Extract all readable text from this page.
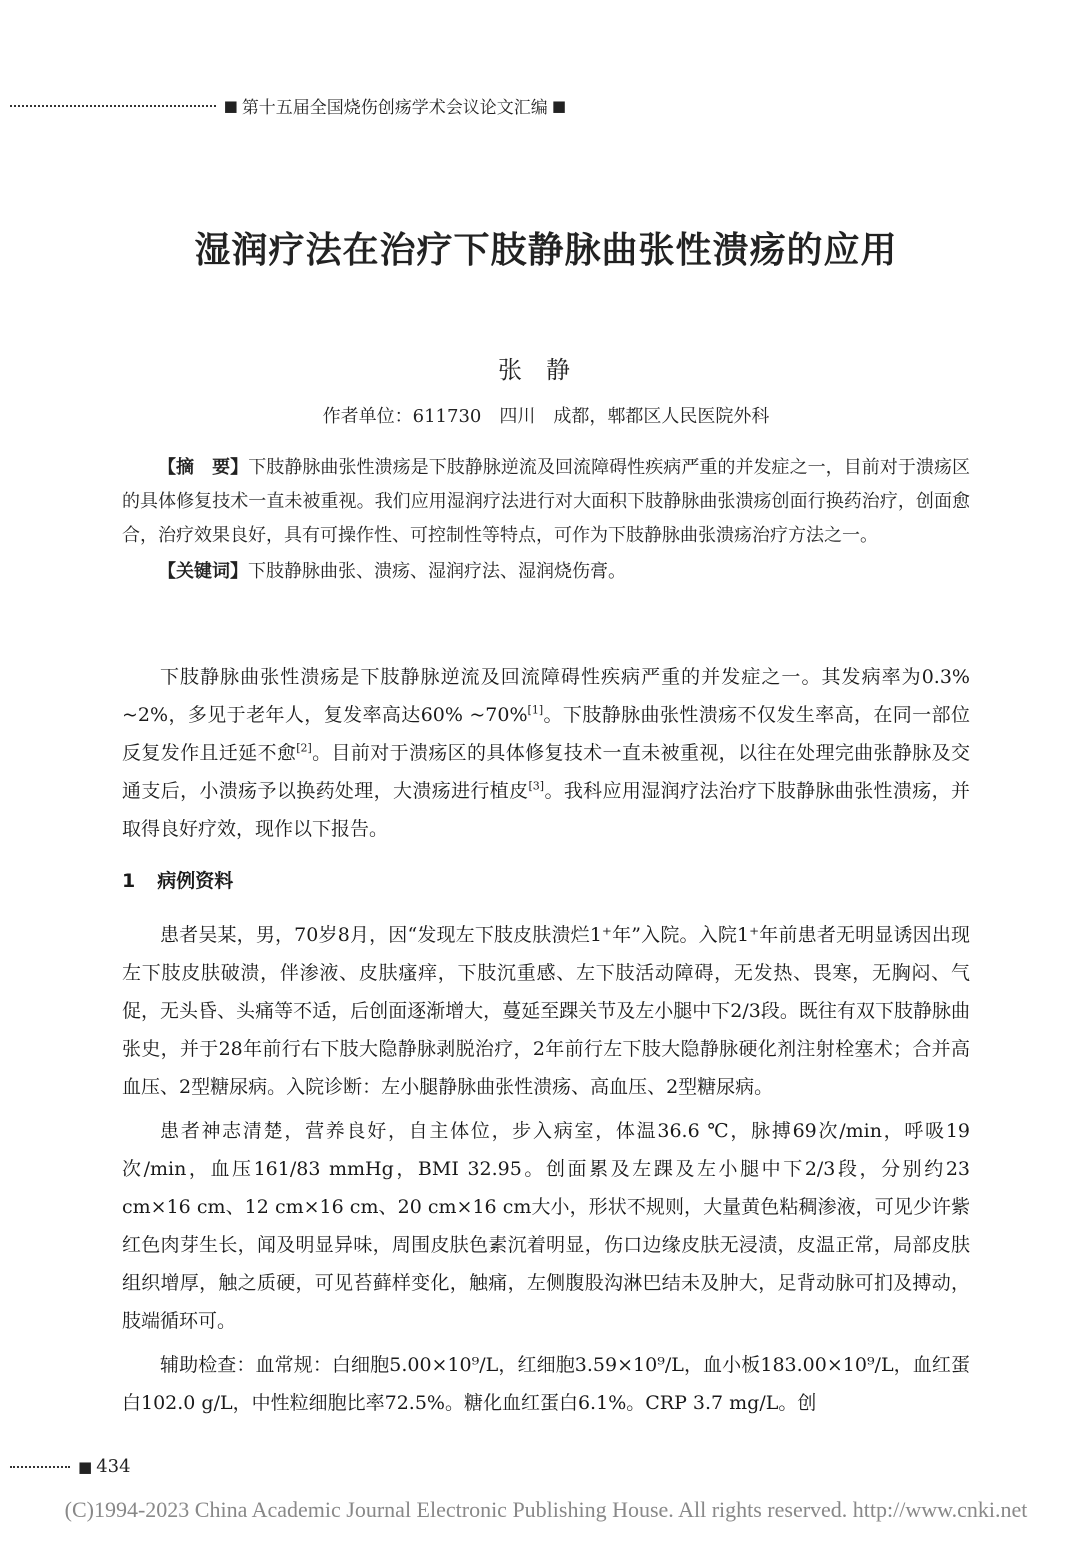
■ 第十五届全国烧伤创疡学术会议论文汇编 ■
湿润疗法在治疗下肢静脉曲张性溃疡的应用
张静
作者单位：611730　四川　成都，郫都区人民医院外科

【摘　要】下肢静脉曲张性溃疡是下肢静脉逆流及回流障碍性疾病严重的并发症之一，目前对于溃疡区的具体修复技术一直未被重视。我们应用湿润疗法进行对大面积下肢静脉曲张溃疡创面行换药治疗，创面愈合，治疗效果良好，具有可操作性、可控制性等特点，可作为下肢静脉曲张溃疡治疗方法之一。

【关键词】下肢静脉曲张、溃疡、湿润疗法、湿润烧伤膏。

下肢静脉曲张性溃疡是下肢静脉逆流及回流障碍性疾病严重的并发症之一。其发病率为0.3% ~2%，多见于老年人，复发率高达60% ~70%[1]。下肢静脉曲张性溃疡不仅发生率高，在同一部位反复发作且迁延不愈[2]。目前对于溃疡区的具体修复技术一直未被重视，以往在处理完曲张静脉及交通支后，小溃疡予以换药处理，大溃疡进行植皮[3]。我科应用湿润疗法治疗下肢静脉曲张性溃疡，并取得良好疗效，现作以下报告。

1 病例资料

患者吴某，男，70岁8月，因“发现左下肢皮肤溃烂1⁺年”入院。入院1⁺年前患者无明显诱因出现左下肢皮肤破溃，伴渗液、皮肤瘙痒，下肢沉重感、左下肢活动障碍，无发热、畏寒，无胸闷、气促，无头昏、头痛等不适，后创面逐渐增大，蔓延至踝关节及左小腿中下2/3段。既往有双下肢静脉曲张史，并于28年前行右下肢大隐静脉剥脱治疗，2年前行左下肢大隐静脉硬化剂注射栓塞术；合并高血压、2型糖尿病。入院诊断：左小腿静脉曲张性溃疡、高血压、2型糖尿病。

患者神志清楚，营养良好，自主体位，步入病室，体温36.6 ℃，脉搏69次/min，呼吸19次/min，血压161/83 mmHg，BMI 32.95。创面累及左踝及左小腿中下2/3段，分别约23 cm×16 cm、12 cm×16 cm、20 cm×16 cm大小，形状不规则，大量黄色粘稠渗液，可见少许紫红色肉芽生长，闻及明显异味，周围皮肤色素沉着明显，伤口边缘皮肤无浸渍，皮温正常，局部皮肤组织增厚，触之质硬，可见苔藓样变化，触痛，左侧腹股沟淋巴结未及肿大，足背动脉可扪及搏动，肢端循环可。

辅助检查：血常规：白细胞5.00×10⁹/L，红细胞3.59×10⁹/L，血小板183.00×10⁹/L，血红蛋白102.0 g/L，中性粒细胞比率72.5%。糖化血红蛋白6.1%。CRP 3.7 mg/L。创

■ 434
(C)1994-2023 China Academic Journal Electronic Publishing House. All rights reserved. http://www.cnki.net
